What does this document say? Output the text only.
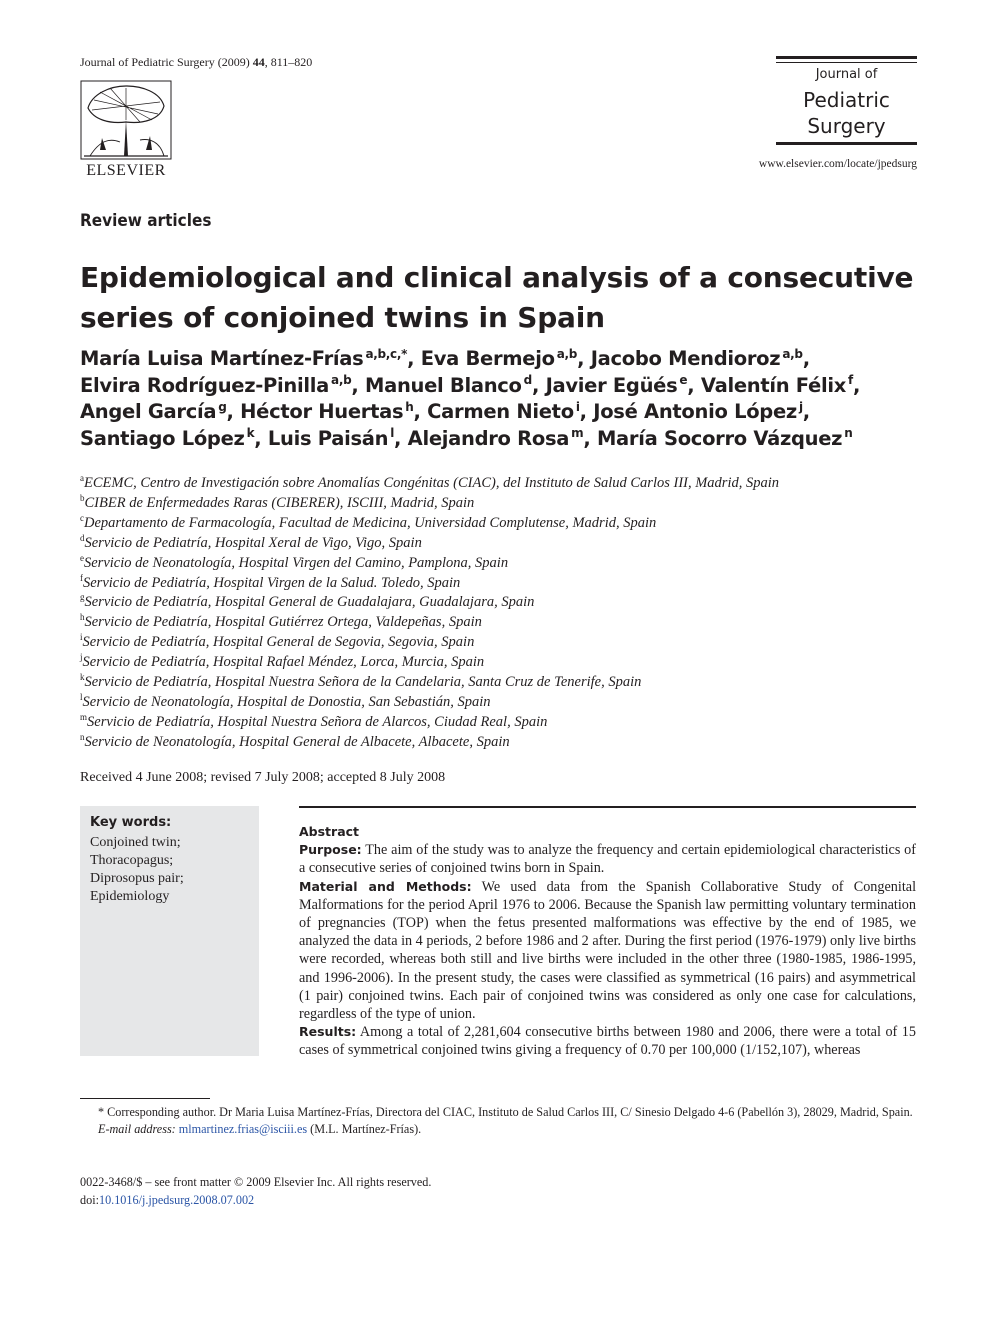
Journal of Pediatric Surgery (2009) 44, 811–820
ELSEVIER
Journal of
Pediatric
Surgery
www.elsevier.com/locate/jpedsurg
Review articles
Epidemiological and clinical analysis of a consecutive series of conjoined twins in Spain
María Luisa Martínez-Frías $^{a,b,c,*}$, Eva Bermejo $^{a,b}$, Jacobo Mendioroz $^{a,b}$,
Elvira Rodríguez-Pinilla $^{a,b}$, Manuel Blanco $^d$, Javier Egüés $^e$, Valentín Félix $^f$,
Angel García $^g$, Héctor Huertas $^h$, Carmen Nieto $^i$, José Antonio López $^j$,
Santiago López $^k$, Luis Paisán $^l$, Alejandro Rosa $^m$, María Socorro Vázquez $^n$
$^a$ECEMC, Centro de Investigación sobre Anomalías Congénitas (CIAC), del Instituto de Salud Carlos III, Madrid, Spain
$^b$CIBER de Enfermedades Raras (CIBERER), ISCIII, Madrid, Spain
$^c$Departamento de Farmacología, Facultad de Medicina, Universidad Complutense, Madrid, Spain
$^d$Servicio de Pediatría, Hospital Xeral de Vigo, Vigo, Spain
$^e$Servicio de Neonatología, Hospital Virgen del Camino, Pamplona, Spain
$^f$Servicio de Pediatría, Hospital Virgen de la Salud. Toledo, Spain
$^g$Servicio de Pediatría, Hospital General de Guadalajara, Guadalajara, Spain
$^h$Servicio de Pediatría, Hospital Gutiérrez Ortega, Valdepeñas, Spain
$^i$Servicio de Pediatría, Hospital General de Segovia, Segovia, Spain
$^j$Servicio de Pediatría, Hospital Rafael Méndez, Lorca, Murcia, Spain
$^k$Servicio de Pediatría, Hospital Nuestra Señora de la Candelaria, Santa Cruz de Tenerife, Spain
$^l$Servicio de Neonatología, Hospital de Donostia, San Sebastián, Spain
$^m$Servicio de Pediatría, Hospital Nuestra Señora de Alarcos, Ciudad Real, Spain
$^n$Servicio de Neonatología, Hospital General de Albacete, Albacete, Spain
Received 4 June 2008; revised 7 July 2008; accepted 8 July 2008
Key words:
Conjoined twin;
Thoracopagus;
Diprosopus pair;
Epidemiology

Abstract

Purpose: The aim of the study was to analyze the frequency and certain epidemiological characteristics of a consecutive series of conjoined twins born in Spain.

Material and Methods: We used data from the Spanish Collaborative Study of Congenital Malformations for the period April 1976 to 2006. Because the Spanish law permitting voluntary termination of pregnancies (TOP) when the fetus presented malformations was effective by the end of 1985, we analyzed the data in 4 periods, 2 before 1986 and 2 after. During the first period (1976-1979) only live births were recorded, whereas both still and live births were included in the other three (1980-1985, 1986-1995, and 1996-2006). In the present study, the cases were classified as symmetrical (16 pairs) and asymmetrical (1 pair) conjoined twins. Each pair of conjoined twins was considered as only one case for calculations, regardless of the type of union.

Results: Among a total of 2,281,604 consecutive births between 1980 and 2006, there were a total of 15 cases of symmetrical conjoined twins giving a frequency of 0.70 per 100,000 (1/152,107), whereas

* Corresponding author. Dr Maria Luisa Martínez-Frías, Directora del CIAC, Instituto de Salud Carlos III, C/ Sinesio Delgado 4-6 (Pabellón 3), 28029, Madrid, Spain.
E-mail address: mlmartinez.frias@isciii.es (M.L. Martínez-Frías).
0022-3468/$ – see front matter © 2009 Elsevier Inc. All rights reserved.
doi:10.1016/j.jpedsurg.2008.07.002
